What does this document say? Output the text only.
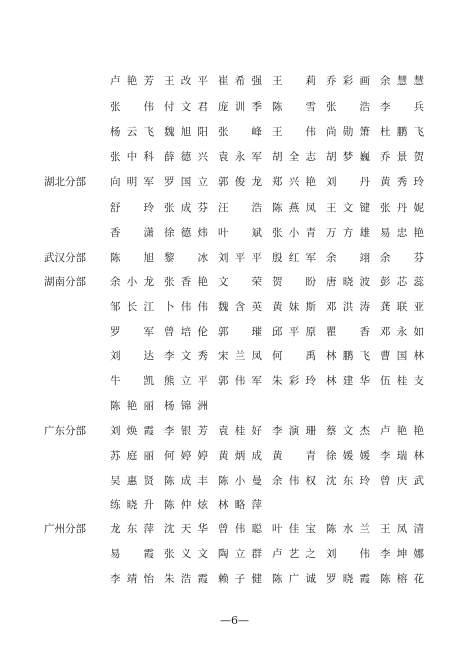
卢艳芳 王改平 崔希强 王　莉 乔彩画 余慧慧
张　伟 付文君 庞训季 陈　雪 张　浩 李　兵
杨云飞 魏旭阳 张　峰 王　伟 尚勋箫 杜鹏飞
张中科 薛德兴 袁永军 胡全志 胡梦巍 乔景贺
湖北分部 向明军 罗国立 郭俊龙 郑兴艳 刘　丹 黄秀玲
舒　玲 张成芬 汪浩 陈燕凤 王文键 张丹妮
香　潇 徐德炜 叶　斌 张小青 万方雄 易忠艳
武汉分部 陈　旭 黎　冰 刘平平 殷红军 余　翊 余　芬
湖南分部 余小龙 张香艳 文　荣 贺　盼 唐晓波 彭芯蕊
邹长江 卜伟伟 魏含英 黄妹斯 邓洪涛 龚联亚
罗　军 曾培伦 郭　璀 邱平原 瞿　香 邓永如
刘　达 李文秀 宋兰凤 何　禹 林鹏飞 曹国林
牛　凯 熊立平 郭伟军 朱彩玲 林建华 伍桂支
陈艳丽 杨锦洲
广东分部 刘焕霞 李银芳 袁桂好 李演珊 蔡文杰 卢艳艳
苏庭丽 何婷婷 黄炳成 黄　青 徐媛媛 李瑞林
吴惠贤 陈成丰 陈小曼 余伟权 沈东玲 曾庆武
练晓升 陈仲炫 林略萍
广州分部 龙东萍 沈天华 曾伟聪 叶佳宝 陈水兰 王凤清
易　霞 张义文 陶立群 卢艺之 刘　伟 李坤娜
李靖怡 朱浩霞 赖子健 陈广诚 罗晓霞 陈榕花
—6—
